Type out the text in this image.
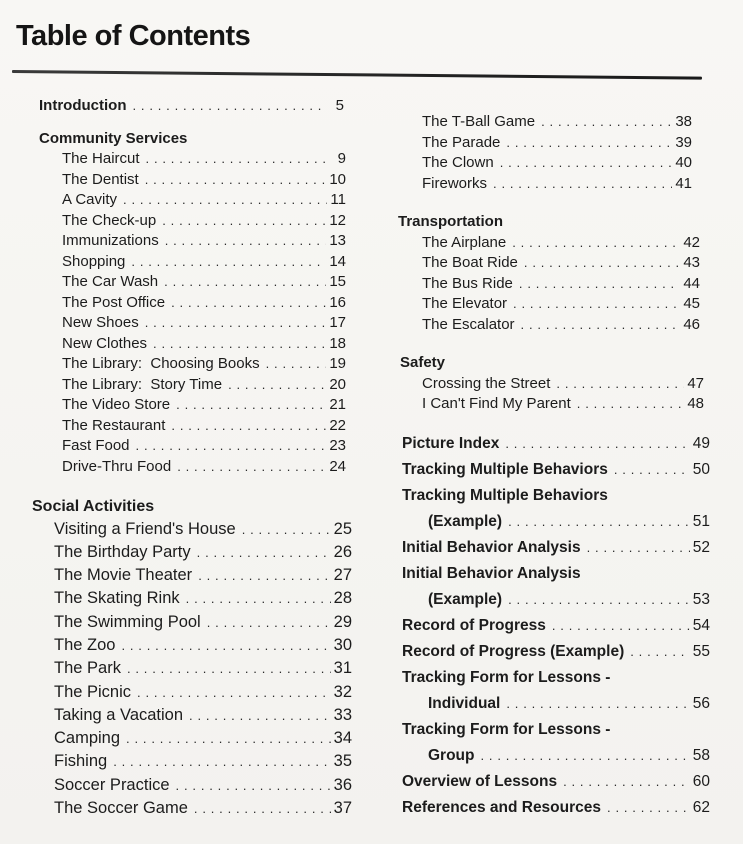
Table of Contents
Introduction . . .	5
Community Services
The Haircut . . .	9
The Dentist . . .	10
A Cavity . . .	11
The Check-up . . .	12
Immunizations . . .	13
Shopping . . .	14
The Car Wash . . .	15
The Post Office . . .	16
New Shoes . . .	17
New Clothes . . .	18
The Library:  Choosing Books . . .	19
The Library:  Story Time . . .	20
The Video Store . . .	21
The Restaurant . . .	22
Fast Food . . .	23
Drive-Thru Food . . .	24
Social Activities
Visiting a Friend's House . . .	25
The Birthday Party . . .	26
The Movie Theater . . .	27
The Skating Rink . . .	28
The Swimming Pool . . .	29
The Zoo . . .	30
The Park . . .	31
The Picnic . . .	32
Taking a Vacation . . .	33
Camping . . .	34
Fishing . . .	35
Soccer Practice . . .	36
The Soccer Game . . .	37
The T-Ball Game . . .	38
The Parade . . .	39
The Clown . . .	40
Fireworks . . .	41
Transportation
The Airplane . . .	42
The Boat Ride . . .	43
The Bus Ride . . .	44
The Elevator . . .	45
The Escalator . . .	46
Safety
Crossing the Street . . .	47
I Can't Find My Parent . . .	48
Picture Index . . .	49
Tracking Multiple Behaviors . . .	50
Tracking Multiple Behaviors
(Example) . . .	51
Initial Behavior Analysis . . .	52
Initial Behavior Analysis
(Example) . . .	53
Record of Progress . . .	54
Record of Progress (Example) . . .	55
Tracking Form for Lessons -
Individual . . .	56
Tracking Form for Lessons -
Group . . .	58
Overview of Lessons . . .	60
References and Resources . . .	62
